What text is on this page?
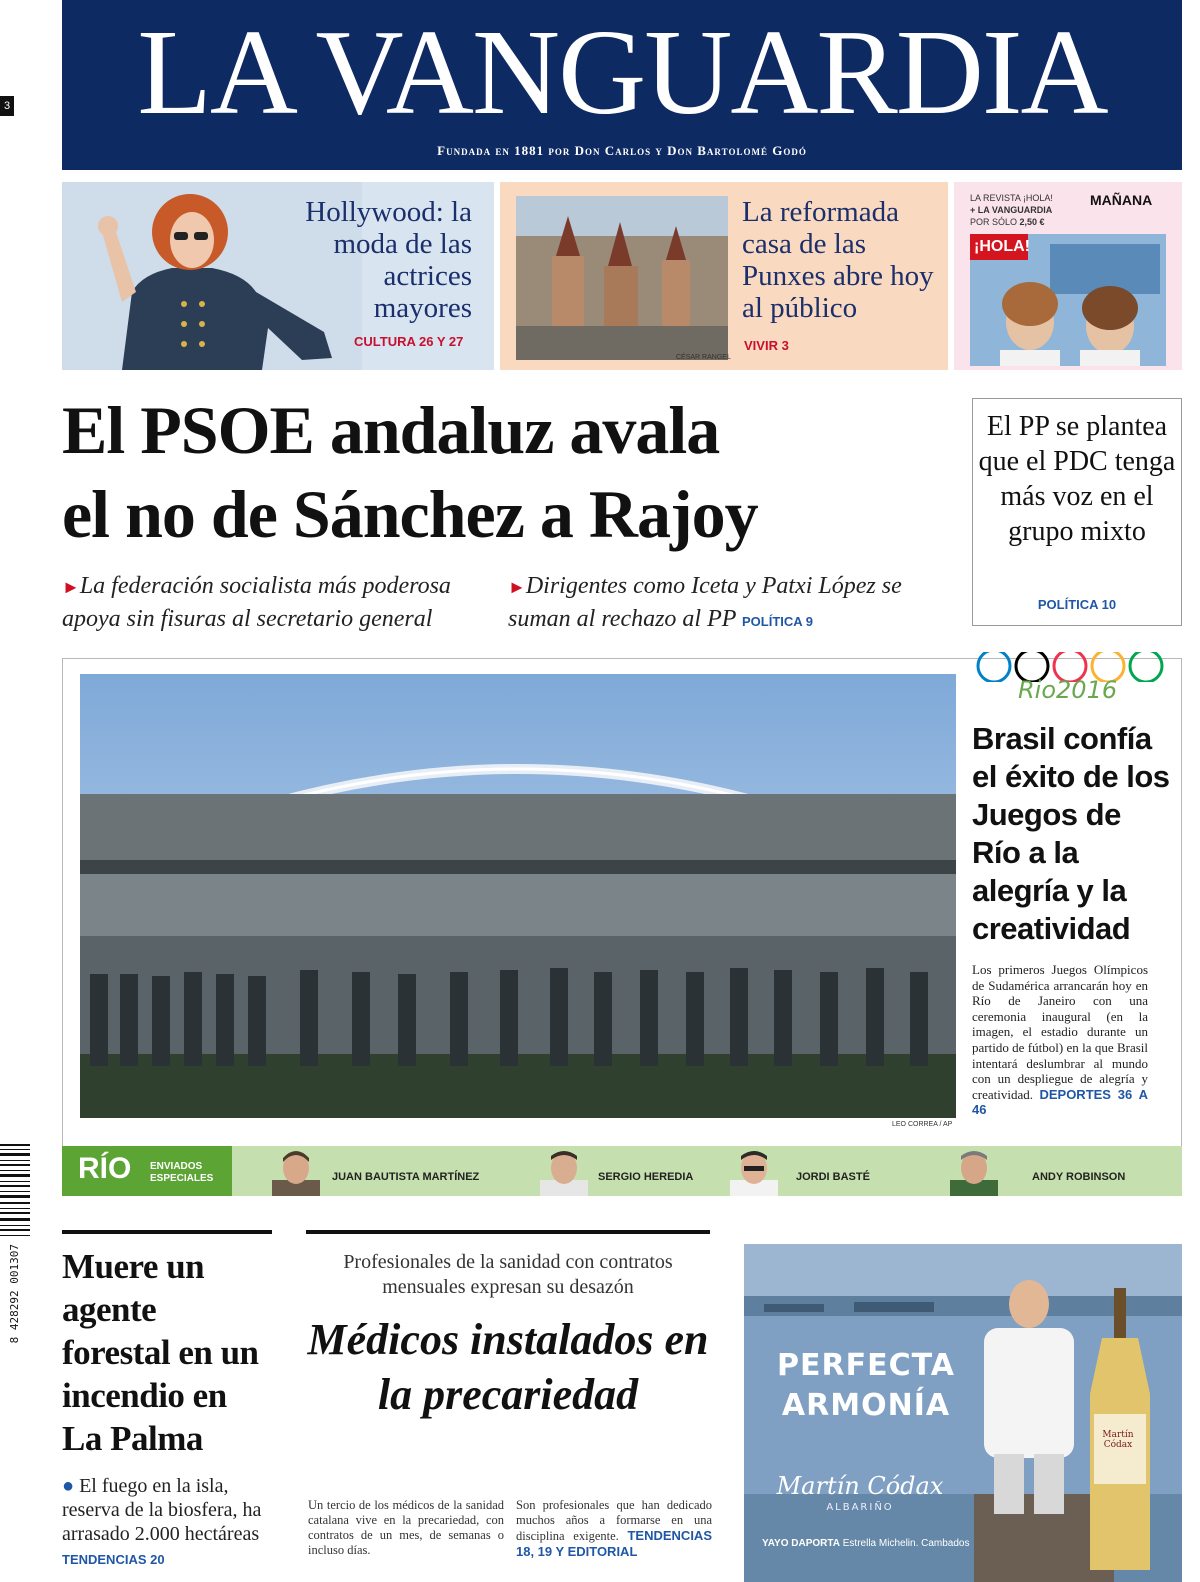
3	LA VANGUARDIA
Fundada en 1881 por Don Carlos y Don Bartolomé Godó
Hollywood: la moda de las actrices mayores
CULTURA 26 Y 27
CÉSAR RANGEL
La reformada casa de las Punxes abre hoy al público
VIVIR 3
LA REVISTA ¡HOLA!
+ LA VANGUARDIA
POR SÓLO 2,50 €
MAÑANA
¡HOLA!
El PSOE andaluz avala
el no de Sánchez a Rajoy
►La federación socialista más poderosa apoya sin fisuras al secretario general
►Dirigentes como Iceta y Patxi López se suman al rechazo al PP POLÍTICA 9
El PP se plantea que el PDC tenga más voz en el grupo mixto
POLÍTICA 10
LEO CORREA / AP
Rio2016
Brasil confía el éxito de los Juegos de Río a la alegría y la creatividad
Los primeros Juegos Olímpicos de Sudamérica arrancarán hoy en Río de Janeiro con una ceremonia inaugural (en la imagen, el estadio durante un partido de fútbol) en la que Brasil intentará deslumbrar al mundo con un despliegue de alegría y creatividad. DEPORTES 36 A 46
RÍO ENVIADOS
ESPECIALES	JUAN BAUTISTA MARTÍNEZ	SERGIO HEREDIA	JORDI BASTÉ	ANDY ROBINSON
Muere un agente forestal en un incendio en La Palma
● El fuego en la isla, reserva de la biosfera, ha arrasado 2.000 hectáreas TENDENCIAS 20
Profesionales de la sanidad con contratos mensuales expresan su desazón
Médicos instalados en la precariedad
Un tercio de los médicos de la sanidad catalana vive en la precariedad, con contratos de un mes, de semanas o incluso días.
Son profesionales que han dedicado muchos años a formarse en una disciplina exigente. TENDENCIAS 18, 19 Y EDITORIAL
Martín Códax
PERFECTA ARMONÍA
Martín Códax
ALBARIÑO
YAYO DAPORTA Estrella Michelin. Cambados
8 428292 001307
